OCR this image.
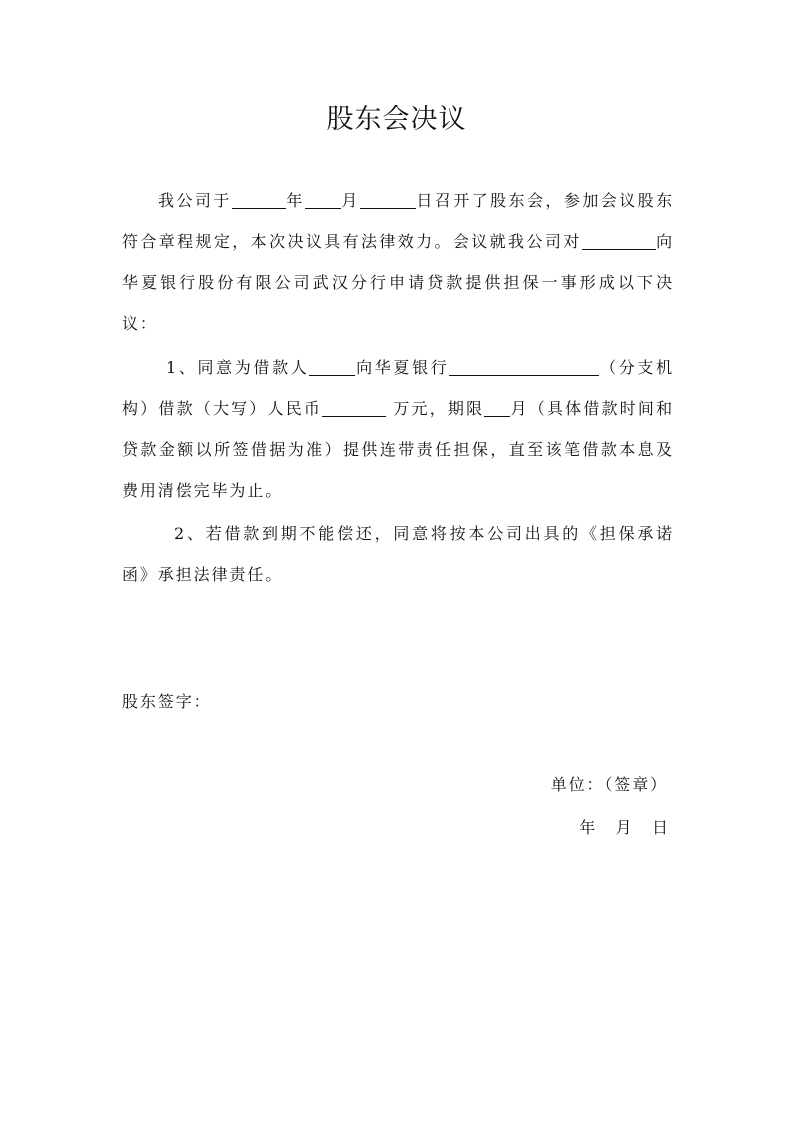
股东会决议

我公司于	年 月	日召开了股东会，参加会议股东符合章程规定，本次决议具有法律效力。会议就我公司对	向华夏银行股份有限公司武汉分行申请贷款提供担保一事形成以下决议：

1、同意为借款人	向华夏银行	（分支机构）借款（大写）人民币	万元，期限 月（具体借款时间和贷款金额以所签借据为准）提供连带责任担保，直至该笔借款本息及费用清偿完毕为止。

2、若借款到期不能偿还，同意将按本公司出具的《担保承诺函》承担法律责任。

股东签字：
单位：（签章）
年    月    日
